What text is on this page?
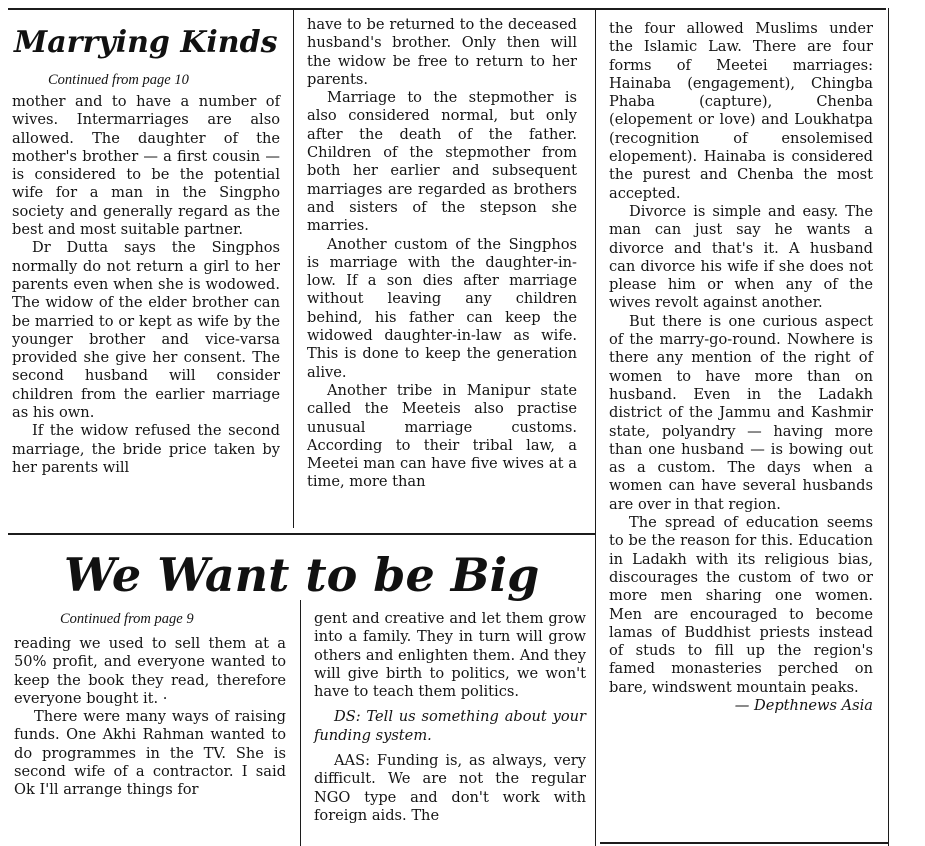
Marrying Kinds
Continued from page 10

mother and to have a number of wives. Intermarriages are also allowed. The daughter of the mother's brother — a first cousin — is considered to be the potential wife for a man in the Singpho society and generally regard as the best and most suitable partner.

Dr Dutta says the Singphos normally do not return a girl to her parents even when she is wodowed. The widow of the elder brother can be married to or kept as wife by the younger brother and vice-varsa provided she give her consent. The second husband will consider children from the earlier marriage as his own.

If the widow refused the second marriage, the bride price taken by her parents will

have to be returned to the deceased husband's brother. Only then will the widow be free to return to her parents.

Marriage to the stepmother is also considered normal, but only after the death of the father. Children of the stepmother from both her earlier and subsequent marriages are regarded as brothers and sisters of the stepson she marries.

Another custom of the Singphos is marriage with the daughter-in-low. If a son dies after marriage without leaving any children behind, his father can keep the widowed daughter-in-law as wife. This is done to keep the generation alive.

Another tribe in Manipur state called the Meeteis also practise unusual marriage customs. According to their tribal law, a Meetei man can have five wives at a time, more than

the four allowed Muslims under the Islamic Law. There are four forms of Meetei marriages: Hainaba (engagement), Chingba Phaba (capture), Chenba (elopement or love) and Loukhatpa (recognition of ensolemised elopement). Hainaba is considered the purest and Chenba the most accepted.

Divorce is simple and easy. The man can just say he wants a divorce and that's it. A husband can divorce his wife if she does not please him or when any of the wives revolt against another.

But there is one curious aspect of the marry-go-round. Nowhere is there any mention of the right of women to have more than on husband. Even in the Ladakh district of the Jammu and Kashmir state, polyandry — having more than one husband — is bowing out as a custom. The days when a women can have several husbands are over in that region.

The spread of education seems to be the reason for this. Education in Ladakh with its religious bias, discourages the custom of two or more men sharing one women. Men are encouraged to become lamas of Buddhist priests instead of studs to fill up the region's famed monasteries perched on bare, windswent mountain peaks.

— Depthnews Asia

We Want to be Big
Continued from page 9

reading we used to sell them at a 50% profit, and everyone wanted to keep the book they read, therefore everyone bought it. ·

There were many ways of raising funds. One Akhi Rahman wanted to do programmes in the TV. She is second wife of a contractor. I said Ok I'll arrange things for

gent and creative and let them grow into a family. They in turn will grow others and enlighten them. And they will give birth to politics, we won't have to teach them politics.

DS: Tell us something about your funding system.

AAS: Funding is, as always, very difficult. We are not the regular NGO type and don't work with foreign aids. The
